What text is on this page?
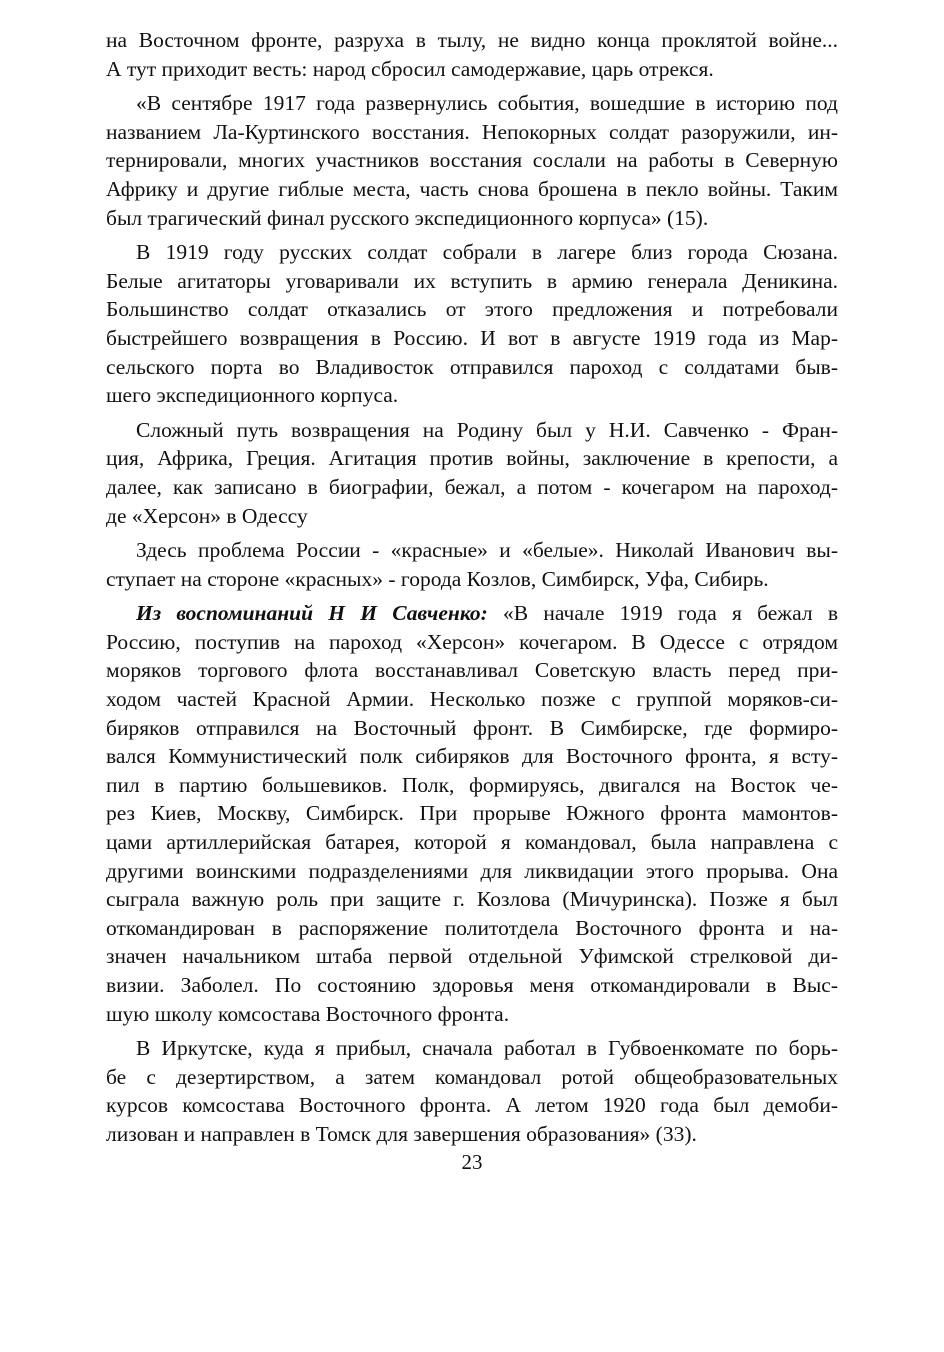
на Восточном фронте, разруха в тылу, не видно конца проклятой войне...
А тут приходит весть: народ сбросил самодержавие, царь отрекся.

«В сентябре 1917 года развернулись события, вошедшие в историю под
названием Ла-Куртинского восстания. Непокорных солдат разоружили, ин-
тернировали, многих участников восстания сослали на работы в Северную
Африку и другие гиблые места, часть снова брошена в пекло войны. Таким
был трагический финал русского экспедиционного корпуса» (15).

В 1919 году русских солдат собрали в лагере близ города Сюзана.
Белые агитаторы уговаривали их вступить в армию генерала Деникина.
Большинство солдат отказались от этого предложения и потребовали
быстрейшего возвращения в Россию. И вот в августе 1919 года из Мар-
сельского порта во Владивосток отправился пароход с солдатами быв-
шего экспедиционного корпуса.

Сложный путь возвращения на Родину был у Н.И. Савченко - Фран-
ция, Африка, Греция. Агитация против войны, заключение в крепости, а
далее, как записано в биографии, бежал, а потом - кочегаром на пароход-
де «Херсон» в Одессу

Здесь проблема России - «красные» и «белые». Николай Иванович вы-
ступает на стороне «красных» - города Козлов, Симбирск, Уфа, Сибирь.

Из воспоминаний Н И Савченко: «В начале 1919 года я бежал в
Россию, поступив на пароход «Херсон» кочегаром. В Одессе с отрядом
моряков торгового флота восстанавливал Советскую власть перед при-
ходом частей Красной Армии. Несколько позже с группой моряков-си-
биряков отправился на Восточный фронт. В Симбирске, где формиро-
вался Коммунистический полк сибиряков для Восточного фронта, я всту-
пил в партию большевиков. Полк, формируясь, двигался на Восток че-
рез Киев, Москву, Симбирск. При прорыве Южного фронта мамонтов-
цами артиллерийская батарея, которой я командовал, была направлена с
другими воинскими подразделениями для ликвидации этого прорыва. Она
сыграла важную роль при защите г. Козлова (Мичуринска). Позже я был
откомандирован в распоряжение политотдела Восточного фронта и на-
значен начальником штаба первой отдельной Уфимской стрелковой ди-
визии. Заболел. По состоянию здоровья меня откомандировали в Выс-
шую школу комсостава Восточного фронта.

В Иркутске, куда я прибыл, сначала работал в Губвоенкомате по борь-
бе с дезертирством, а затем командовал ротой общеобразовательных
курсов комсостава Восточного фронта. А летом 1920 года был демоби-
лизован и направлен в Томск для завершения образования» (33).

23
